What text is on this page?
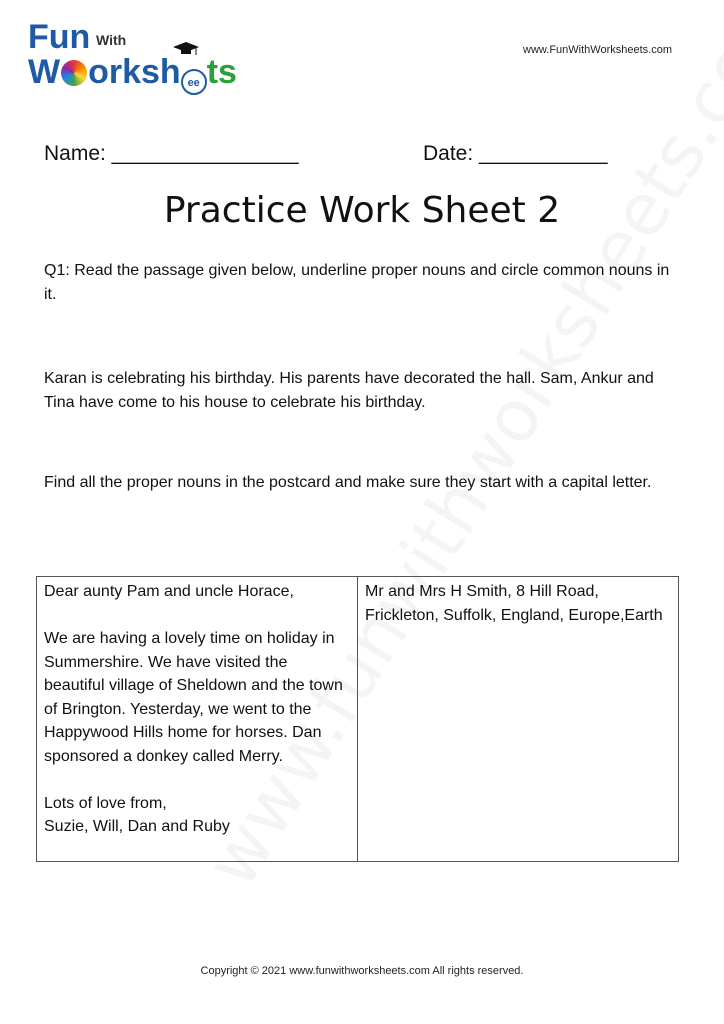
Fun With
W orksh ee ts
www.FunWithWorksheets.com
Name: ________________	Date: ___________
Practice Work Sheet 2
Q1: Read the passage given below, underline proper nouns and circle common nouns in it.
Karan is celebrating his birthday. His parents have decorated the hall. Sam, Ankur and Tina have come to his house to celebrate his birthday.
Find all the proper nouns in the postcard and make sure they start with a capital letter.
Dear aunty Pam and uncle Horace,

We are having a lovely time on holiday in Summershire. We have visited the beautiful village of Sheldown and the town of Brington. Yesterday, we went to the Happywood Hills home for horses. Dan sponsored a donkey called Merry.

Lots of love from,
Suzie, Will, Dan and Ruby
Mr and Mrs H Smith, 8 Hill Road, Frickleton, Suffolk, England, Europe,Earth
Copyright © 2021 www.funwithworksheets.com All rights reserved.
